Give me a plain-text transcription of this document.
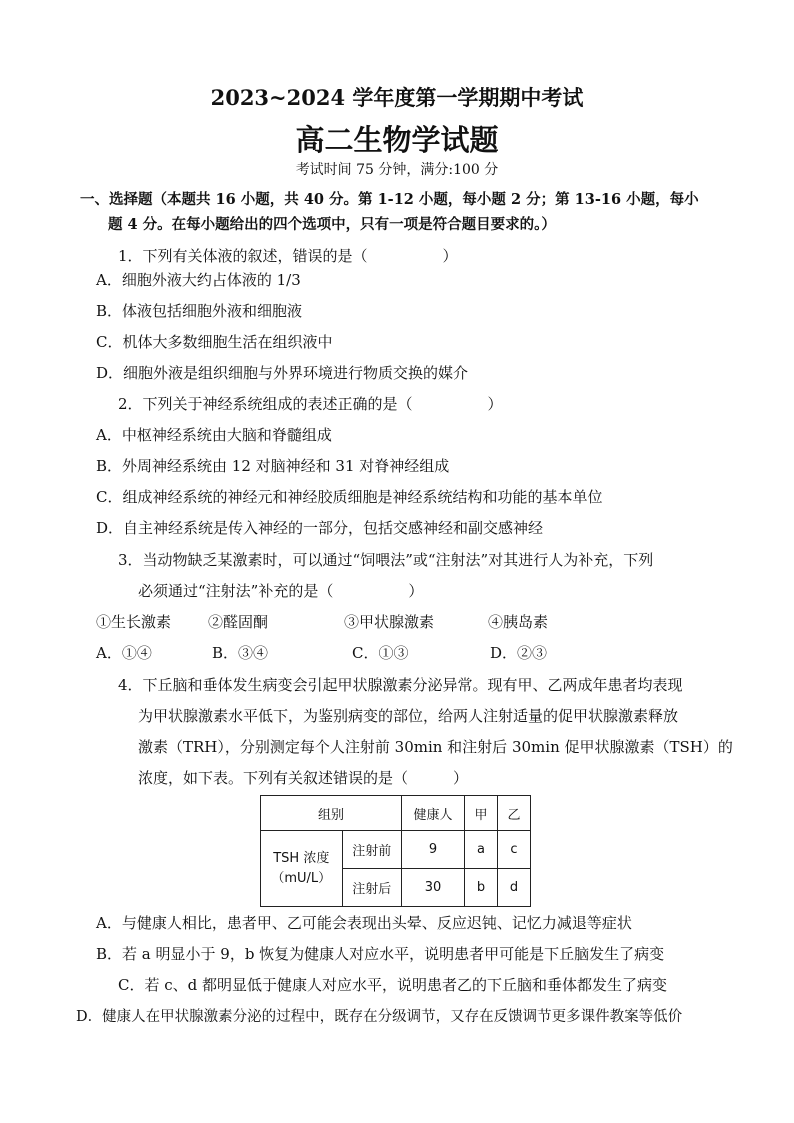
2023~2024 学年度第一学期期中考试
高二生物学试题
考试时间 75 分钟，满分:100 分
一、选择题（本题共 16 小题，共 40 分。第 1-12 小题，每小题 2 分；第 13-16 小题，每小
题 4 分。在每小题给出的四个选项中，只有一项是符合题目要求的。）
1．下列有关体液的叙述，错误的是（　　　　　）
A．细胞外液大约占体液的 1/3
B．体液包括细胞外液和细胞液
C．机体大多数细胞生活在组织液中
D．细胞外液是组织细胞与外界环境进行物质交换的媒介
2．下列关于神经系统组成的表述正确的是（　　　　　）
A．中枢神经系统由大脑和脊髓组成
B．外周神经系统由 12 对脑神经和 31 对脊神经组成
C．组成神经系统的神经元和神经胶质细胞是神经系统结构和功能的基本单位
D．自主神经系统是传入神经的一部分，包括交感神经和副交感神经
3．当动物缺乏某激素时，可以通过“饲喂法”或“注射法”对其进行人为补充，下列
必须通过“注射法”补充的是（　　　　　）
①生长激素 ②醛固酮	③甲状腺激素	④胰岛素
A．①④	B．③④	C．①③	D．②③
4．下丘脑和垂体发生病变会引起甲状腺激素分泌异常。现有甲、乙两成年患者均表现
为甲状腺激素水平低下，为鉴别病变的部位，给两人注射适量的促甲状腺激素释放
激素（TRH），分别测定每个人注射前 30min 和注射后 30min 促甲状腺激素（TSH）的
浓度，如下表。下列有关叙述错误的是（　　　）
组别		健康人	甲	乙

TSH 浓度
（mU/L）	注射前	9	a	c
	注射后	30	b	d
A．与健康人相比，患者甲、乙可能会表现出头晕、反应迟钝、记忆力减退等症状
B．若 a 明显小于 9，b 恢复为健康人对应水平，说明患者甲可能是下丘脑发生了病变
C．若 c、d 都明显低于健康人对应水平，说明患者乙的下丘脑和垂体都发生了病变
D．健康人在甲状腺激素分泌的过程中，既存在分级调节，又存在反馈调节更多课件教案等低价
